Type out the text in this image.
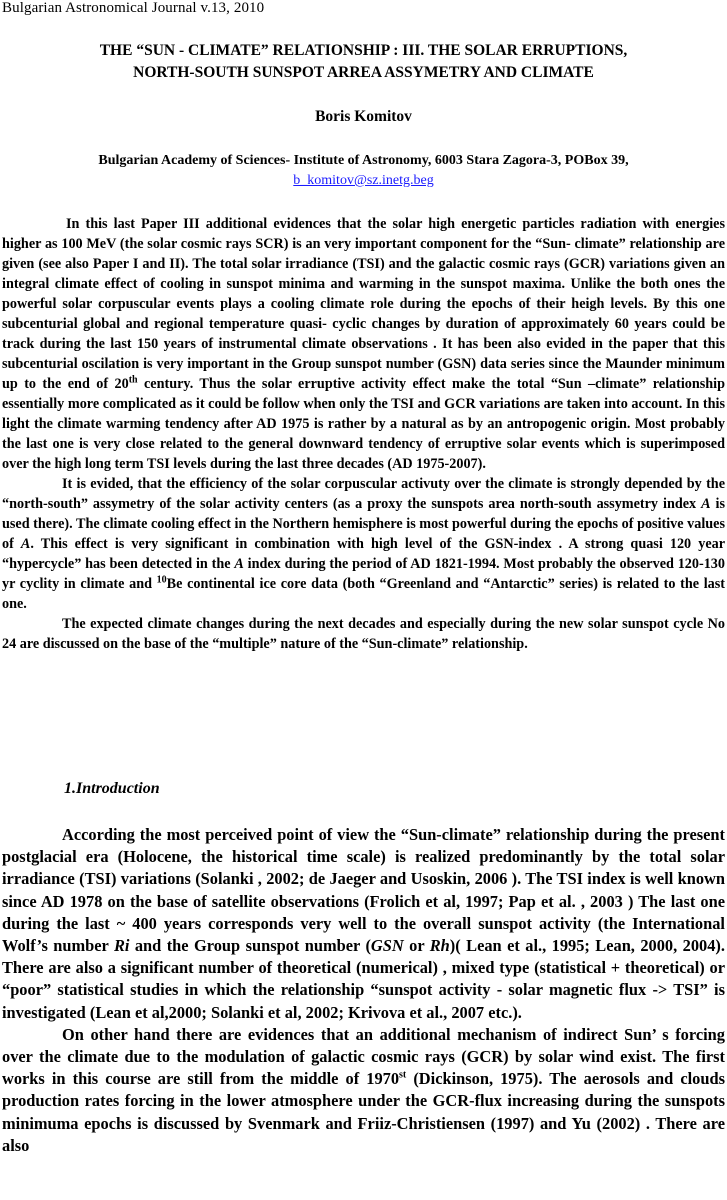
Bulgarian Astronomical Journal v.13, 2010
THE “SUN - CLIMATE” RELATIONSHIP : III. THE SOLAR ERRUPTIONS,
NORTH-SOUTH SUNSPOT ARREA ASSYMETRY AND CLIMATE
Boris Komitov
Bulgarian Academy of Sciences- Institute of Astronomy, 6003 Stara Zagora-3, POBox 39,
b_komitov@sz.inetg.beg

In this last Paper III additional evidences that the solar high energetic particles radiation with energies higher as 100 MeV (the solar cosmic rays SCR) is an very important component for the “Sun- climate” relationship are given (see also Paper I and II). The total solar irradiance (TSI) and the galactic cosmic rays (GCR) variations given an integral climate effect of cooling in sunspot minima and warming in the sunspot maxima. Unlike the both ones the powerful solar corpuscular events plays a cooling climate role during the epochs of their heigh levels. By this one subcenturial global and regional temperature quasi- cyclic changes by duration of approximately 60 years could be track during the last 150 years of instrumental climate observations . It has been also evided in the paper that this subcenturial oscilation is very important in the Group sunspot number (GSN) data series since the Maunder minimum up to the end of 20th century. Thus the solar erruptive activity effect make the total “Sun –climate” relationship essentially more complicated as it could be follow when only the TSI and GCR variations are taken into account. In this light the climate warming tendency after AD 1975 is rather by a natural as by an antropogenic origin. Most probably the last one is very close related to the general downward tendency of erruptive solar events which is superimposed over the high long term TSI levels during the last three decades (AD 1975-2007).

It is evided, that the efficiency of the solar corpuscular activuty over the climate is strongly depended by the “north-south” assymetry of the solar activity centers (as a proxy the sunspots area north-south assymetry index A is used there). The climate cooling effect in the Northern hemisphere is most powerful during the epochs of positive values of A. This effect is very significant in combination with high level of the GSN-index . A strong quasi 120 year “hypercycle” has been detected in the A index during the period of AD 1821-1994. Most probably the observed 120-130 yr cyclity in climate and $^{10}$Be continental ice core data (both “Greenland and “Antarctic” series) is related to the last one.

The expected climate changes during the next decades and especially during the new solar sunspot cycle No 24 are discussed on the base of the “multiple” nature of the “Sun-climate” relationship.

1.Introduction

According the most perceived point of view the “Sun-climate” relationship during the present postglacial era (Holocene, the historical time scale) is realized predominantly by the total solar irradiance (TSI) variations (Solanki , 2002; de Jaeger and Usoskin, 2006 ). The TSI index is well known since AD 1978 on the base of satellite observations (Frolich et al, 1997; Pap et al. , 2003 ) The last one during the last ~ 400 years corresponds very well to the overall sunspot activity (the International Wolf’s number Ri and the Group sunspot number (GSN or Rh)( Lean et al., 1995; Lean, 2000, 2004). There are also a significant number of theoretical (numerical) , mixed type (statistical + theoretical) or “poor” statistical studies in which the relationship “sunspot activity - solar magnetic flux -> TSI” is investigated (Lean et al,2000; Solanki et al, 2002; Krivova et al., 2007 etc.).

On other hand there are evidences that an additional mechanism of indirect Sun’ s forcing over the climate due to the modulation of galactic cosmic rays (GCR) by solar wind exist. The first works in this course are still from the middle of 1970st (Dickinson, 1975). The aerosols and clouds production rates forcing in the lower atmosphere under the GCR-flux increasing during the sunspots minimuma epochs is discussed by Svenmark and Friiz-Christiensen (1997) and Yu (2002) . There are also
